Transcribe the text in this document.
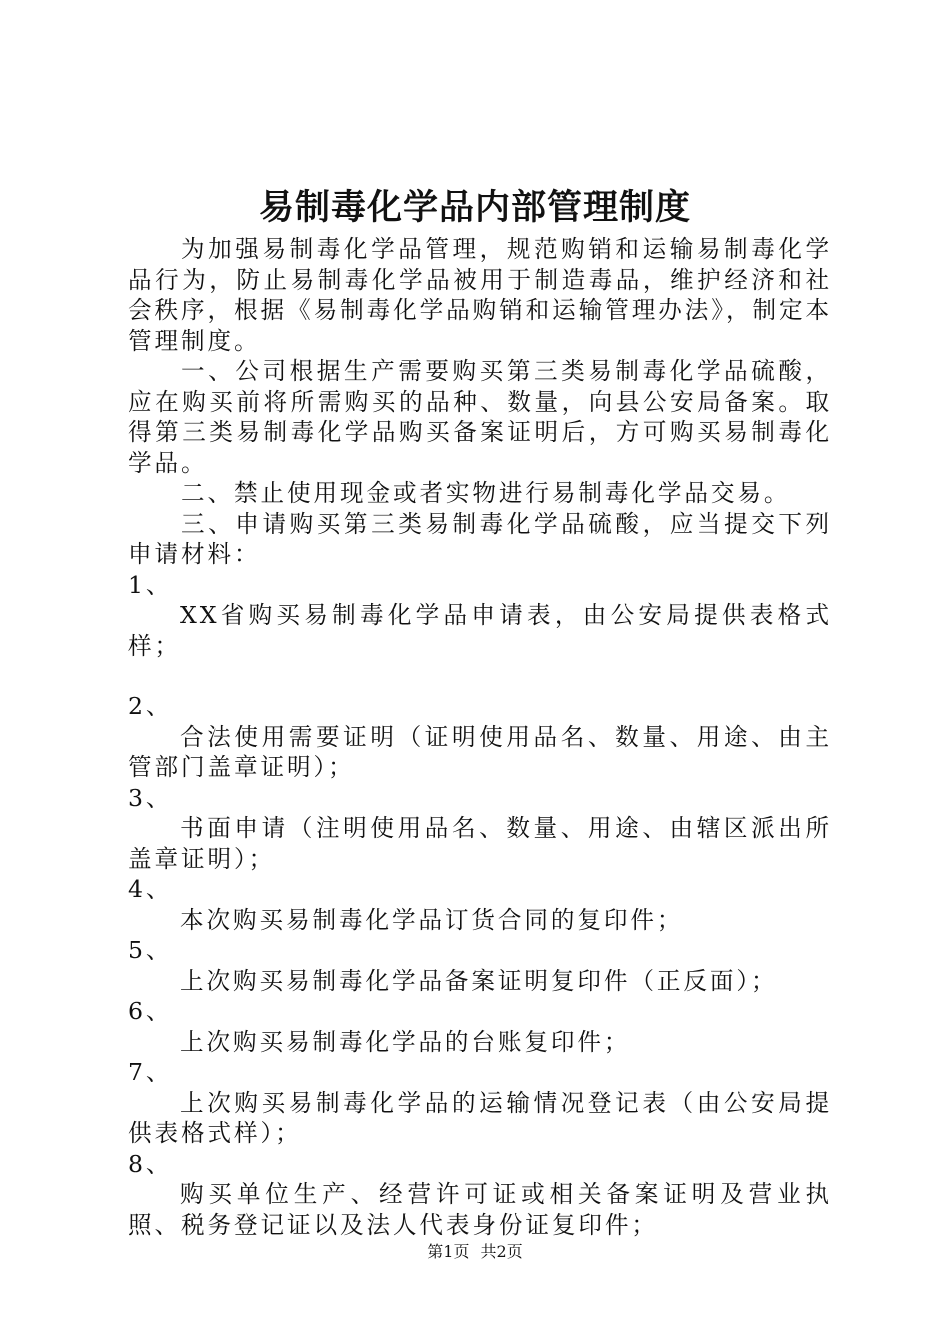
易制毒化学品内部管理制度

为加强易制毒化学品管理，规范购销和运输易制毒化学品行为，防止易制毒化学品被用于制造毒品，维护经济和社会秩序，根据《易制毒化学品购销和运输管理办法》，制定本管理制度。

一、公司根据生产需要购买第三类易制毒化学品硫酸，应在购买前将所需购买的品种、数量，向县公安局备案。取得第三类易制毒化学品购买备案证明后，方可购买易制毒化学品。

二、禁止使用现金或者实物进行易制毒化学品交易。

三、申请购买第三类易制毒化学品硫酸，应当提交下列申请材料：

1、

XX省购买易制毒化学品申请表，由公安局提供表格式样；

2、

合法使用需要证明（证明使用品名、数量、用途、由主管部门盖章证明）；

3、

书面申请（注明使用品名、数量、用途、由辖区派出所盖章证明）；

4、

本次购买易制毒化学品订货合同的复印件；

5、

上次购买易制毒化学品备案证明复印件（正反面）；

6、

上次购买易制毒化学品的台账复印件；

7、

上次购买易制毒化学品的运输情况登记表（由公安局提供表格式样）；

8、

购买单位生产、经营许可证或相关备案证明及营业执照、税务登记证以及法人代表身份证复印件；

第1页 共2页
